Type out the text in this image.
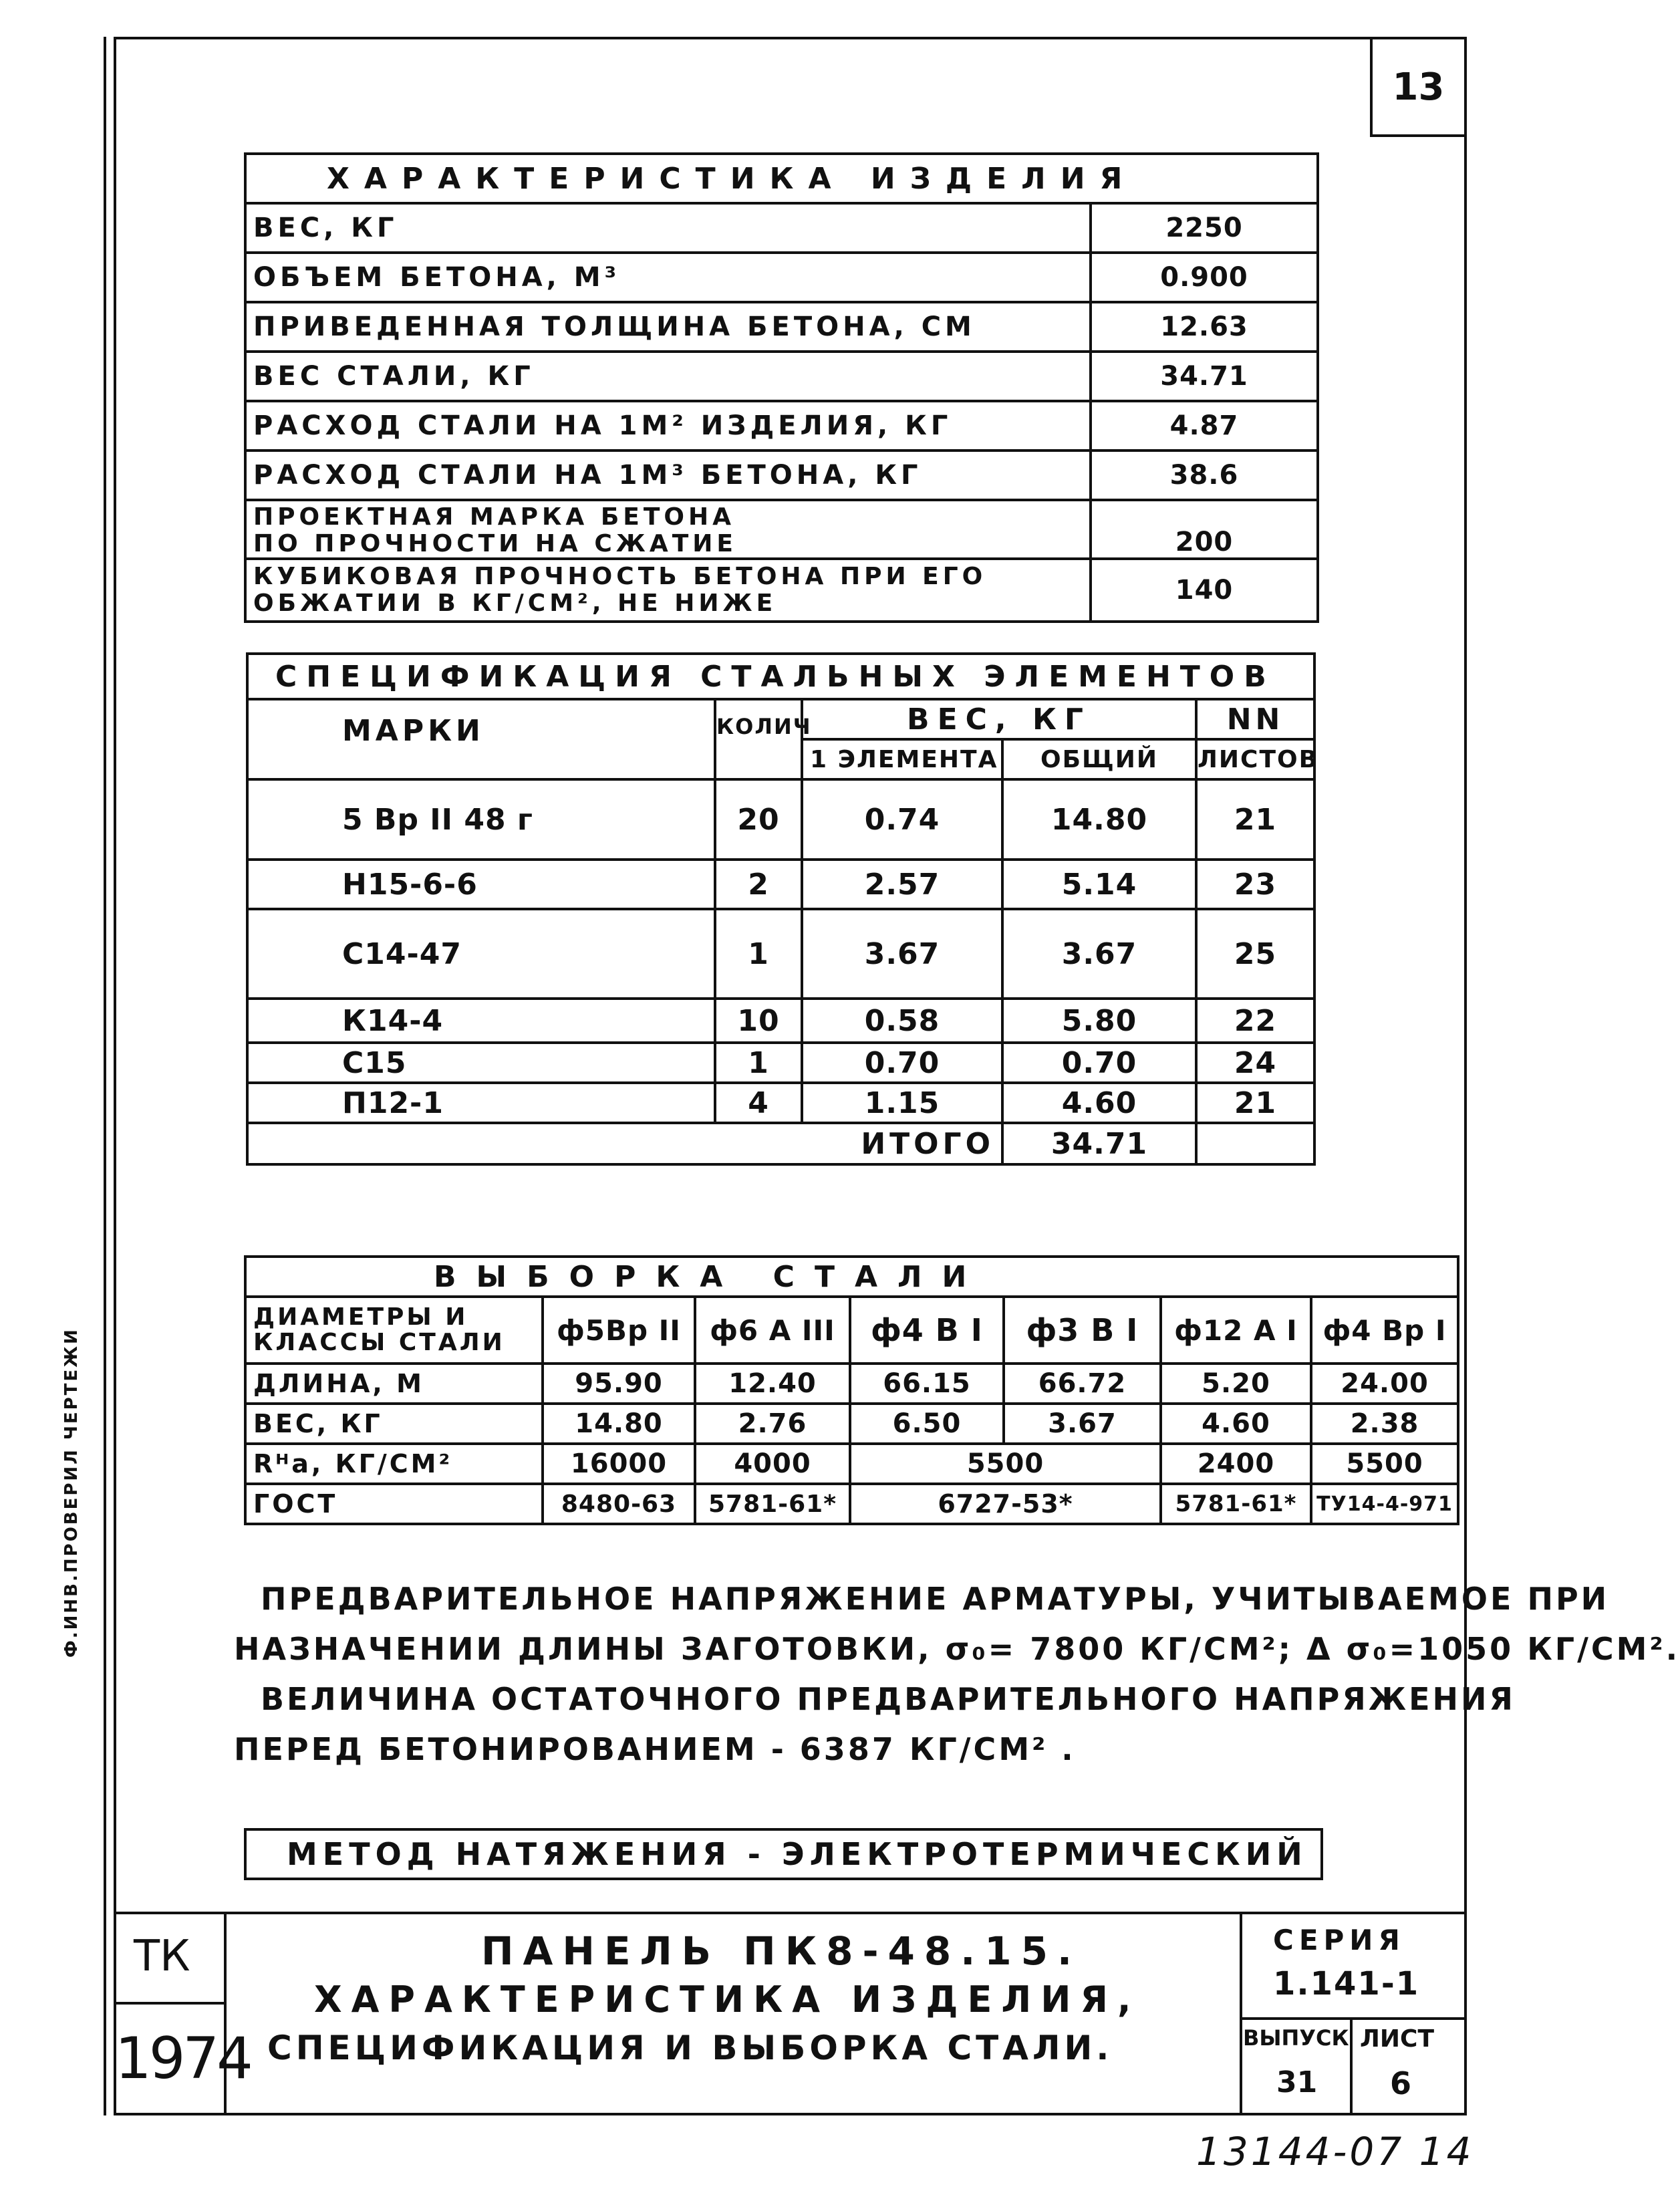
13
ХАРАКТЕРИСТИКА ИЗДЕЛИЯ	
ВЕС, КГ	2250
ОБЪЕМ БЕТОНА, М³	0.900
ПРИВЕДЕННАЯ ТОЛЩИНА БЕТОНА, СМ	12.63
ВЕС СТАЛИ, КГ	34.71
РАСХОД СТАЛИ НА 1М² ИЗДЕЛИЯ, КГ	4.87
РАСХОД СТАЛИ НА 1М³ БЕТОНА, КГ	38.6
ПРОЕКТНАЯ МАРКА БЕТОНА
ПО ПРОЧНОСТИ НА СЖАТИЕ	200
КУБИКОВАЯ ПРОЧНОСТЬ БЕТОНА ПРИ ЕГО
ОБЖАТИИ В КГ/СМ², НЕ НИЖЕ	140
СПЕЦИФИКАЦИЯ СТАЛЬНЫХ ЭЛЕМЕНТОВ				
МАРКИ	КОЛИЧ	ВЕС, КГ		NN
		1 ЭЛЕМЕНТА	ОБЩИЙ	ЛИСТОВ
5 Вр II 48 г	20	0.74	14.80	21
Н15-6-6	2	2.57	5.14	23
С14-47	1	3.67	3.67	25
К14-4	10	0.58	5.80	22
С15	1	0.70	0.70	24
П12-1	4	1.15	4.60	21
		ИТОГО	34.71	
ВЫБОРКА СТАЛИ						
ДИАМЕТРЫ И
КЛАССЫ СТАЛИ	ф5Вр II	ф6 А III	ф4 В I	ф3 В I	ф12 А I	ф4 Вр I
ДЛИНА, М	95.90	12.40	66.15	66.72	5.20	24.00
ВЕС, КГ	14.80	2.76	6.50	3.67	4.60	2.38
Rᴴa, КГ/СМ²	16000	4000	5500		2400	5500
ГОСТ	8480-63	5781-61*	6727-53*		5781-61*	ТУ14-4-971
ПРЕДВАРИТЕЛЬНОЕ НАПРЯЖЕНИЕ АРМАТУРЫ, УЧИТЫВАЕМОЕ ПРИ
НАЗНАЧЕНИИ ДЛИНЫ ЗАГОТОВКИ, σ₀= 7800 КГ/СМ²; Δ σ₀=1050 КГ/СМ².
ВЕЛИЧИНА ОСТАТОЧНОГО ПРЕДВАРИТЕЛЬНОГО НАПРЯЖЕНИЯ
ПЕРЕД БЕТОНИРОВАНИЕМ - 6387 КГ/СМ² .
МЕТОД НАТЯЖЕНИЯ - ЭЛЕКТРОТЕРМИЧЕСКИЙ
Ф.ИНВ.ПРОВЕРИЛ ЧЕРТЕЖИ
ТК
1974
ПАНЕЛЬ ПК8-48.15.
ХАРАКТЕРИСТИКА ИЗДЕЛИЯ,
СПЕЦИФИКАЦИЯ И ВЫБОРКА СТАЛИ.
СЕРИЯ
1.141-1
ВЫПУСК
31
ЛИСТ
6
13144-07 14
